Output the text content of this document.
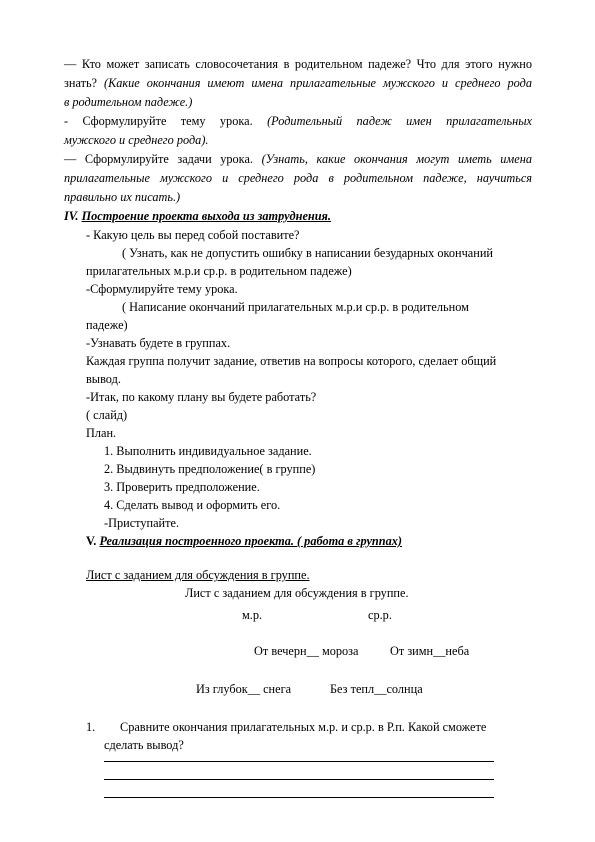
— Кто может записать словосочетания в родительном падеже? Что для этого нужно
знать? (Какие окончания имеют имена прилагательные мужского и среднего рода
в родительном падеже.)
- Сформулируйте тему урока. (Родительный падеж имен прилагательных
мужского и среднего рода).
— Сформулируйте задачи урока. (Узнать, какие окончания могут иметь имена
прилагательные мужского и среднего рода в родительном падеже, научиться
правильно их писать.)
IV. Построение проекта выхода из затруднения.
- Какую цель вы перед собой поставите?
( Узнать, как не допустить ошибку в написании безударных окончаний
прилагательных м.р.и ср.р. в родительном падеже)
-Сформулируйте тему урока.
( Написание окончаний прилагательных м.р.и ср.р. в родительном
падеже)
-Узнавать будете в группах.
Каждая группа получит задание, ответив на вопросы которого, сделает общий
вывод.
-Итак, по какому плану вы будете работать?
( слайд)
План.
1. Выполнить индивидуальное задание.
2. Выдвинуть предположение( в группе)
3. Проверить предположение.
4. Сделать вывод и оформить его.
-Приступайте.
V. Реализация построенного проекта. ( работа в группах)
Лист с заданием для обсуждения в группе.
Лист с заданием для обсуждения в группе.
м.р.	ср.р.
От вечерн__ мороза	От зимн__неба
Из глубок__ снега	Без тепл__солнца
1. Сравните окончания прилагательных м.р. и ср.р. в Р.п. Какой сможете
сделать вывод?
